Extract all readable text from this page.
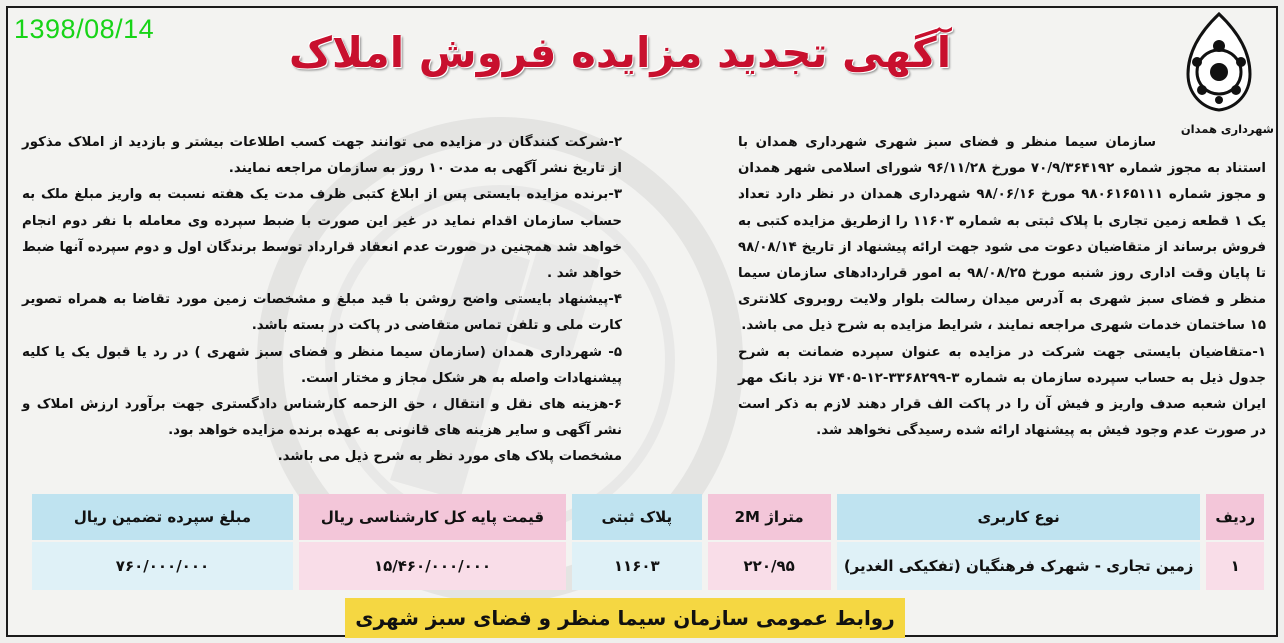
1398/08/14	آگهی تجدید مزایده فروش املاک
شهرداری همدان

سازمان سیما منظر و فضای سبز شهری شهرداری همدان با استناد به مجوز شماره ۷۰/۹/۳۶۴۱۹۲ مورخ ۹۶/۱۱/۲۸ شورای اسلامی شهر همدان و مجوز شماره ۹۸۰۶۱۶۵۱۱۱ مورخ ۹۸/۰۶/۱۶ شهرداری همدان در نظر دارد تعداد یک ۱ قطعه زمین تجاری با پلاک ثبتی به شماره ۱۱۶۰۳ را ازطریق مزایده کتبی به فروش برساند از متقاضیان دعوت می شود جهت ارائه پیشنهاد از تاریخ ۹۸/۰۸/۱۴ تا پایان وقت اداری روز شنبه مورخ ۹۸/۰۸/۲۵ به امور قراردادهای سازمان سیما منظر و فضای سبز شهری به آدرس میدان رسالت بلوار ولایت روبروی کلانتری ۱۵ ساختمان خدمات شهری مراجعه نمایند ، شرایط مزایده به شرح ذیل می باشد.

۱-متقاضیان بایستی جهت شرکت در مزایده به عنوان سپرده ضمانت به شرح جدول ذیل به حساب سپرده سازمان به شماره ۳-۳۳۶۸۲۹۹-۱۲-۷۴۰۵ نزد بانک مهر ایران شعبه صدف واریز و فیش آن را در پاکت الف قرار دهند لازم به ذکر است در صورت عدم وجود فیش به پیشنهاد ارائه شده رسیدگی نخواهد شد.

۲-شرکت کنندگان در مزایده می توانند جهت کسب اطلاعات بیشتر و بازدید از املاک مذکور از تاریخ نشر آگهی به مدت ۱۰ روز به سازمان مراجعه نمایند.

۳-برنده مزایده بایستی پس از ابلاغ کتبی ظرف مدت یک هفته نسبت به واریز مبلغ ملک به حساب سازمان اقدام نماید در غیر این صورت با ضبط سپرده وی معامله با نفر دوم انجام خواهد شد همچنین در صورت عدم انعقاد قرارداد توسط برندگان اول و دوم سپرده آنها ضبط خواهد شد .

۴-پیشنهاد بایستی واضح روشن با قید مبلغ و مشخصات زمین مورد تقاضا به همراه تصویر کارت ملی و تلفن تماس متقاضی در پاکت در بسته باشد.

۵- شهرداری همدان (سازمان سیما منظر و فضای سبز شهری ) در رد یا قبول یک یا کلیه پیشنهادات واصله به هر شکل مجاز و مختار است.

۶-هزینه های نقل و انتقال ، حق الزحمه کارشناس دادگستری جهت برآورد ارزش املاک و نشر آگهی و سایر هزینه های قانونی به عهده برنده مزایده خواهد بود.

مشخصات پلاک های مورد نظر به شرح ذیل می باشد.

ردیف	نوع کاربری	متراژ 2M	پلاک ثبتی	قیمت پایه کل کارشناسی ریال	مبلغ سپرده تضمین ریال
۱	زمین تجاری - شهرک فرهنگیان (تفکیکی الغدیر)	۲۲۰/۹۵	۱۱۶۰۳	۱۵/۴۶۰/۰۰۰/۰۰۰	۷۶۰/۰۰۰/۰۰۰
روابط عمومی سازمان سیما منظر و فضای سبز شهری
